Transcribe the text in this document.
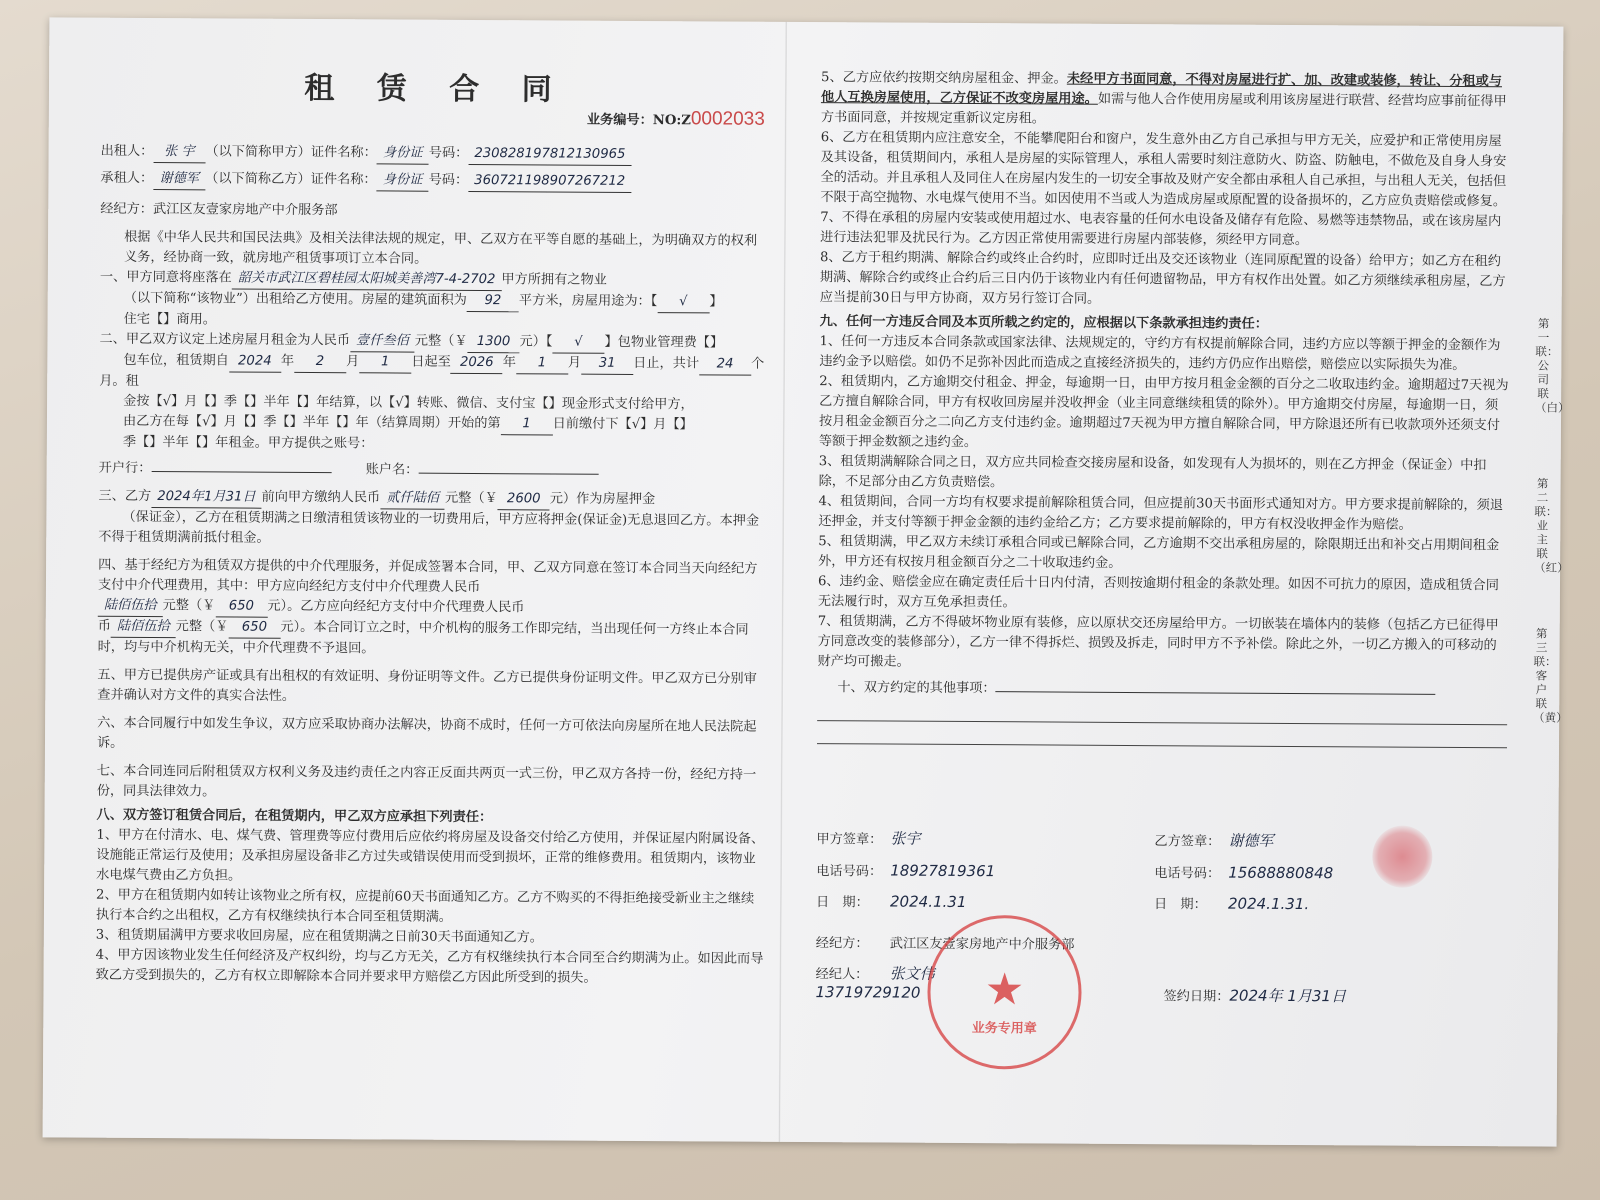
租 赁 合 同
业务编号：NO:Z0002033

出租人： 张 宇 （以下简称甲方）证件名称： 身份证 号码： 230828197812130965

承租人： 谢德军 （以下简称乙方）证件名称： 身份证 号码： 360721198907267212

经纪方：武江区友壹家房地产中介服务部

根据《中华人民共和国民法典》及相关法律法规的规定，甲、乙双方在平等自愿的基础上，为明确双方的权利义务，经协商一致，就房地产租赁事项订立本合同。

一、甲方同意将座落在 韶关市武江区碧桂园太阳城美善湾7-4-2702 甲方所拥有之物业
（以下简称“该物业”）出租给乙方使用。房屋的建筑面积为 92 平方米，房屋用途为：【 √ 】
住宅【】商用。

二、甲乙双方议定上述房屋月租金为人民币 壹仟叁佰 元整（￥ 1300 元）【 √ 】包物业管理费【】
包车位，租赁期自 2024 年 2 月 1 日起至 2026 年 1 月 31 日止，共计 24 个月。租
金按【√】月【】季【】半年【】年结算，以【√】转账、微信、支付宝【】现金形式支付给甲方，
由乙方在每【√】月【】季【】半年【】年（结算周期）开始的第 1 日前缴付下【√】月【】
季【】半年【】年租金。甲方提供之账号：

开户行：	账户名：

三、乙方 2024年1月31日 前向甲方缴纳人民币 贰仟陆佰 元整（￥ 2600 元）作为房屋押金
（保证金），乙方在租赁期满之日缴清租赁该物业的一切费用后，甲方应将押金(保证金)无息退回乙方。本押金不得于租赁期满前抵付租金。

四、基于经纪方为租赁双方提供的中介代理服务，并促成签署本合同，甲、乙双方同意在签订本合同当天向经纪方支付中介代理费用，其中：甲方应向经纪方支付中介代理费人民币
陆佰伍拾 元整（￥ 650 元）。乙方应向经纪方支付中介代理费人民币
币 陆佰伍拾 元整（￥ 650 元）。本合同订立之时，中介机构的服务工作即完结，当出现任何一方终止本合同时，均与中介机构无关，中介代理费不予退回。

五、甲方已提供房产证或具有出租权的有效证明、身份证明等文件。乙方已提供身份证明文件。甲乙双方已分别审查并确认对方文件的真实合法性。

六、本合同履行中如发生争议，双方应采取协商办法解决，协商不成时，任何一方可依法向房屋所在地人民法院起诉。

七、本合同连同后附租赁双方权利义务及违约责任之内容正反面共两页一式三份，甲乙双方各持一份，经纪方持一份，同具法律效力。

八、双方签订租赁合同后，在租赁期内，甲乙双方应承担下列责任：

1、甲方在付清水、电、煤气费、管理费等应付费用后应依约将房屋及设备交付给乙方使用，并保证屋内附属设备、设施能正常运行及使用；及承担房屋设备非乙方过失或错误使用而受到损坏，正常的维修费用。租赁期内，该物业水电煤气费由乙方负担。

2、甲方在租赁期内如转让该物业之所有权，应提前60天书面通知乙方。乙方不购买的不得拒绝接受新业主之继续执行本合约之出租权，乙方有权继续执行本合同至租赁期满。

3、租赁期届满甲方要求收回房屋，应在租赁期满之日前30天书面通知乙方。

4、甲方因该物业发生任何经济及产权纠纷，均与乙方无关，乙方有权继续执行本合同至合约期满为止。如因此而导致乙方受到损失的，乙方有权立即解除本合同并要求甲方赔偿乙方因此所受到的损失。

5、乙方应依约按期交纳房屋租金、押金。未经甲方书面同意，不得对房屋进行扩、加、改建或装修，转让、分租或与他人互换房屋使用，乙方保证不改变房屋用途。如需与他人合作使用房屋或利用该房屋进行联营、经营均应事前征得甲方书面同意，并按规定重新议定房租。

6、乙方在租赁期内应注意安全，不能攀爬阳台和窗户，发生意外由乙方自己承担与甲方无关，应爱护和正常使用房屋及其设备，租赁期间内，承租人是房屋的实际管理人，承租人需要时刻注意防火、防盗、防触电，不做危及自身人身安全的活动。并且承租人及同住人在房屋内发生的一切安全事故及财产安全都由承租人自己承担，与出租人无关，包括但不限于高空抛物、水电煤气使用不当。如因使用不当或人为造成房屋或原配置的设备损坏的，乙方应负责赔偿或修复。

7、不得在承租的房屋内安装或使用超过水、电表容量的任何水电设备及储存有危险、易燃等违禁物品，或在该房屋内进行违法犯罪及扰民行为。乙方因正常使用需要进行房屋内部装修，须经甲方同意。

8、乙方于租约期满、解除合约或终止合约时，应即时迁出及交还该物业（连同原配置的设备）给甲方；如乙方在租约期满、解除合约或终止合约后三日内仍于该物业内有任何遗留物品，甲方有权作出处置。如乙方须继续承租房屋，乙方应当提前30日与甲方协商，双方另行签订合同。

九、任何一方违反合同及本页所载之约定的，应根据以下条款承担违约责任：

1、任何一方违反本合同条款或国家法律、法规规定的，守约方有权提前解除合同，违约方应以等额于押金的金额作为违约金予以赔偿。如仍不足弥补因此而造成之直接经济损失的，违约方仍应作出赔偿，赔偿应以实际损失为准。

2、租赁期内，乙方逾期交付租金、押金，每逾期一日，由甲方按月租金金额的百分之二收取违约金。逾期超过7天视为乙方擅自解除合同，甲方有权收回房屋并没收押金（业主同意继续租赁的除外）。甲方逾期交付房屋，每逾期一日，须按月租金金额百分之二向乙方支付违约金。逾期超过7天视为甲方擅自解除合同，甲方除退还所有已收款项外还须支付等额于押金数额之违约金。

3、租赁期满解除合同之日，双方应共同检查交接房屋和设备，如发现有人为损坏的，则在乙方押金（保证金）中扣除，不足部分由乙方负责赔偿。

4、租赁期间，合同一方均有权要求提前解除租赁合同，但应提前30天书面形式通知对方。甲方要求提前解除的，须退还押金，并支付等额于押金金额的违约金给乙方；乙方要求提前解除的，甲方有权没收押金作为赔偿。

5、租赁期满，甲乙双方未续订承租合同或已解除合同，乙方逾期不交出承租房屋的，除限期迁出和补交占用期间租金外，甲方还有权按月租金额百分之二十收取违约金。

6、违约金、赔偿金应在确定责任后十日内付清，否则按逾期付租金的条款处理。如因不可抗力的原因，造成租赁合同无法履行时，双方互免承担责任。

7、租赁期满，乙方不得破坏物业原有装修，应以原状交还房屋给甲方。一切嵌装在墙体内的装修（包括乙方已征得甲方同意改变的装修部分），乙方一律不得拆烂、损毁及拆走，同时甲方不予补偿。除此之外，一切乙方搬入的可移动的财产均可搬走。

十、双方约定的其他事项：

甲方签章： 张宇
电话号码： 18927819361
日　期： 2024.1.31
乙方签章： 谢德军
电话号码： 15688880848
日　期： 2024.1.31.
经纪方： 武江区友壹家房地产中介服务部
经纪人： 张文伟
13719729120	签约日期：2024年 1月31日
第一联：公司联（白）
第二联：业主联（红）
第三联：客户联（黄）
★
业务专用章
